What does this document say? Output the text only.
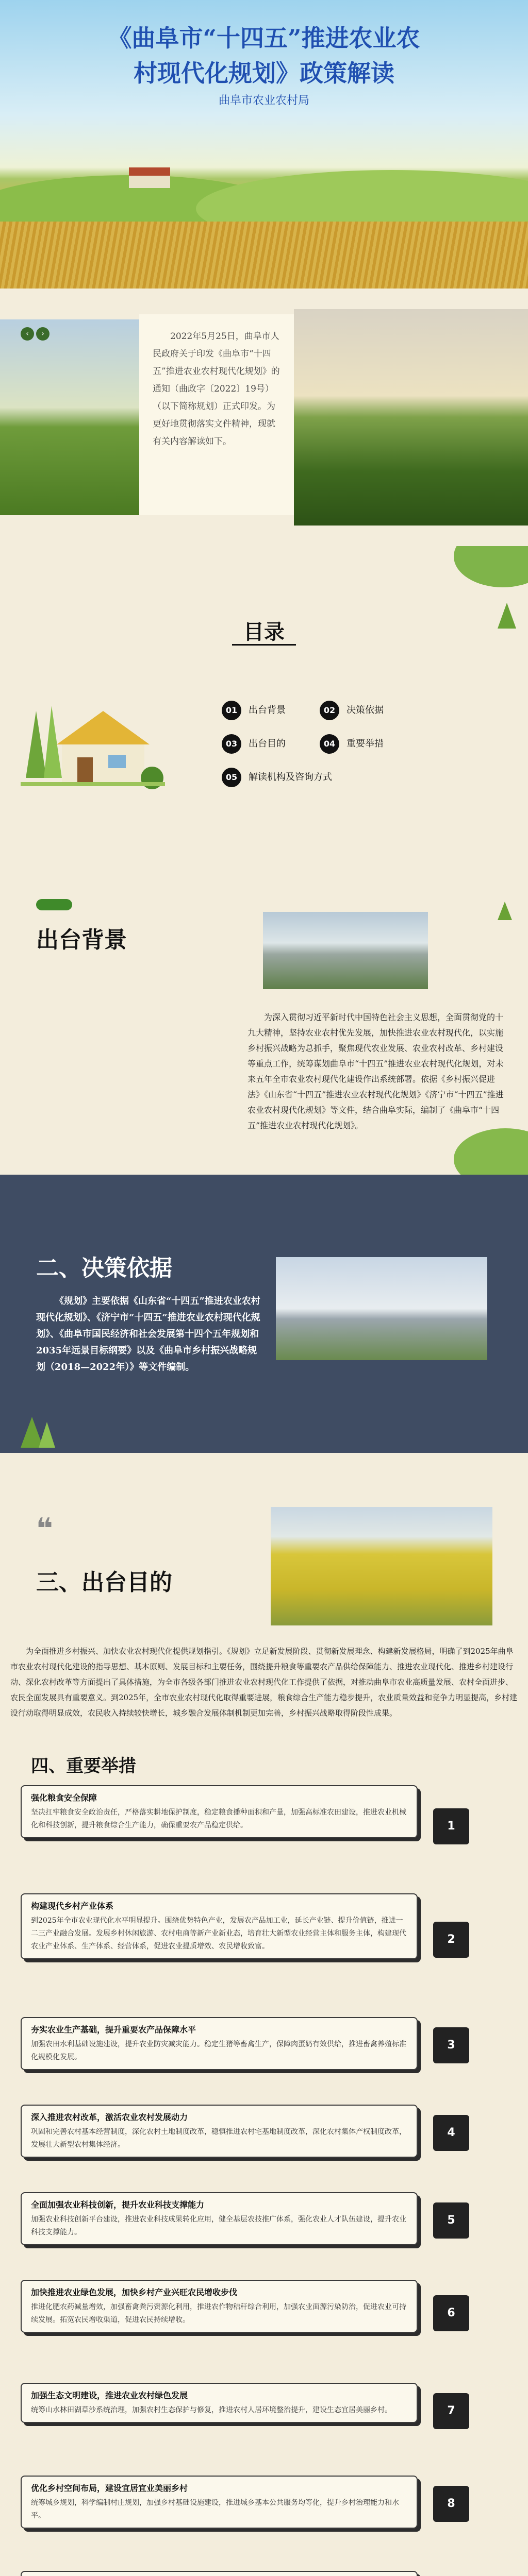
《曲阜市“十四五”推进农业农
村现代化规划》政策解读
曲阜市农业农村局
2022年5月25日，曲阜市人民政府关于印发《曲阜市“十四五”推进农业农村现代化规划》的通知（曲政字〔2022〕19号）（以下简称规划）正式印发。为更好地贯彻落实文件精神，现就有关内容解读如下。
‹	›
目录
01 出台背景	02 决策依据
03 出台目的	04 重要举措
05 解读机构及咨询方式
出台背景
为深入贯彻习近平新时代中国特色社会主义思想，全面贯彻党的十九大精神，坚持农业农村优先发展，加快推进农业农村现代化，以实施乡村振兴战略为总抓手，聚焦现代农业发展、农业农村改革、乡村建设等重点工作，统筹谋划曲阜市“十四五”推进农业农村现代化规划，对未来五年全市农业农村现代化建设作出系统部署。依据《乡村振兴促进法》《山东省“十四五”推进农业农村现代化规划》《济宁市“十四五”推进农业农村现代化规划》等文件，结合曲阜实际，编制了《曲阜市“十四五”推进农业农村现代化规划》。
二、决策依据
《规划》主要依据《山东省“十四五”推进农业农村现代化规划》、《济宁市“十四五”推进农业农村现代化规划》、《曲阜市国民经济和社会发展第十四个五年规划和2035年远景目标纲要》以及《曲阜市乡村振兴战略规划（2018—2022年）》等文件编制。
❝
三、出台目的
为全面推进乡村振兴、加快农业农村现代化提供规划指引。《规划》立足新发展阶段、贯彻新发展理念、构建新发展格局，明确了到2025年曲阜市农业农村现代化建设的指导思想、基本原则、发展目标和主要任务，围绕提升粮食等重要农产品供给保障能力、推进农业现代化、推进乡村建设行动、深化农村改革等方面提出了具体措施，为全市各级各部门推进农业农村现代化工作提供了依据，对推动曲阜市农业高质量发展、农村全面进步、农民全面发展具有重要意义。到2025年，全市农业农村现代化取得重要进展，粮食综合生产能力稳步提升，农业质量效益和竞争力明显提高，乡村建设行动取得明显成效，农民收入持续较快增长，城乡融合发展体制机制更加完善，乡村振兴战略取得阶段性成果。
四、重要举措
强化粮食安全保障
坚决扛牢粮食安全政治责任，严格落实耕地保护制度，稳定粮食播种面积和产量，加强高标准农田建设，推进农业机械化和科技创新，提升粮食综合生产能力，确保重要农产品稳定供给。	1
构建现代乡村产业体系
到2025年全市农业现代化水平明显提升。围绕优势特色产业，发展农产品加工业，延长产业链、提升价值链，推进一二三产业融合发展。发展乡村休闲旅游、农村电商等新产业新业态，培育壮大新型农业经营主体和服务主体，构建现代农业产业体系、生产体系、经营体系，促进农业提质增效、农民增收致富。
2
夯实农业生产基础，提升重要农产品保障水平
加强农田水利基础设施建设，提升农业防灾减灾能力。稳定生猪等畜禽生产，保障肉蛋奶有效供给，推进畜禽养殖标准化规模化发展。
3
深入推进农村改革，激活农业农村发展动力
巩固和完善农村基本经营制度，深化农村土地制度改革，稳慎推进农村宅基地制度改革，深化农村集体产权制度改革，发展壮大新型农村集体经济。
4
全面加强农业科技创新，提升农业科技支撑能力
加强农业科技创新平台建设，推进农业科技成果转化应用，健全基层农技推广体系，强化农业人才队伍建设，提升农业科技支撑能力。
5
加快推进农业绿色发展，加快乡村产业兴旺农民增收步伐
推进化肥农药减量增效，加强畜禽粪污资源化利用，推进农作物秸秆综合利用，加强农业面源污染防治，促进农业可持续发展。拓宽农民增收渠道，促进农民持续增收。
6
加强生态文明建设，推进农业农村绿色发展
统筹山水林田湖草沙系统治理，加强农村生态保护与修复，推进农村人居环境整治提升，建设生态宜居美丽乡村。	7
优化乡村空间布局，建设宜居宜业美丽乡村
统筹城乡规划，科学编制村庄规划，加强乡村基础设施建设，推进城乡基本公共服务均等化，提升乡村治理能力和水平。
8
